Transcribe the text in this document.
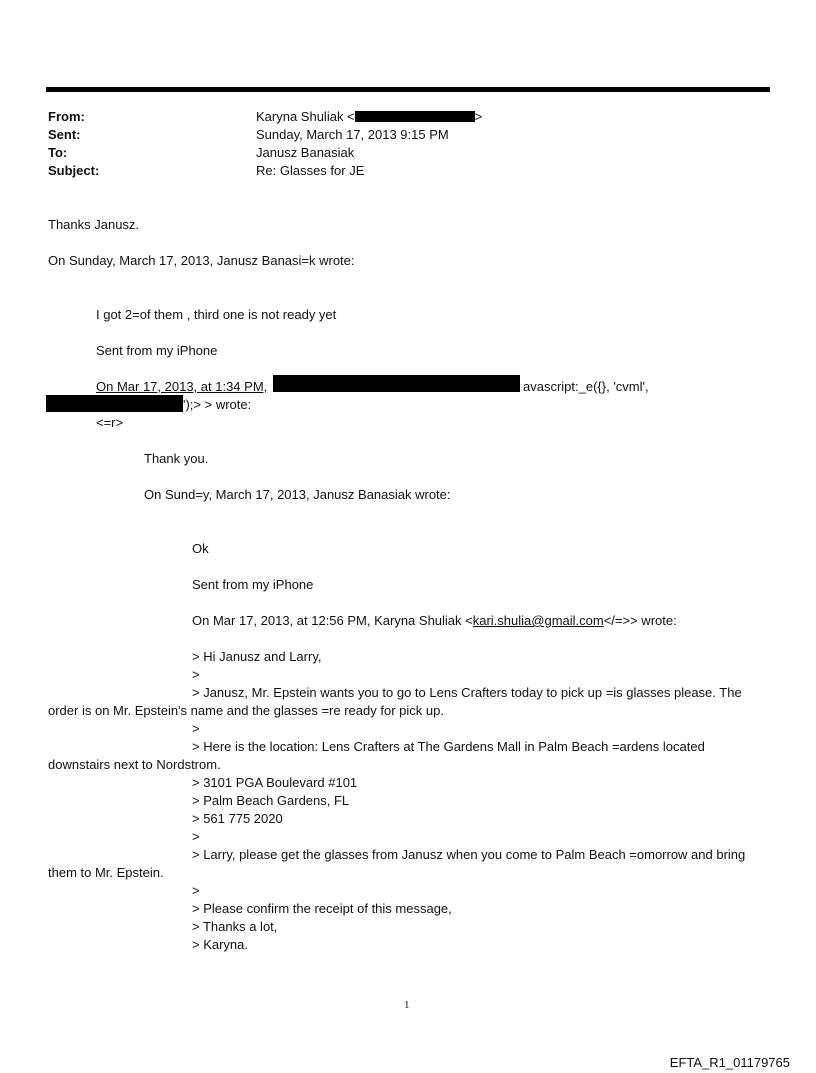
From:	Karyna Shuliak <	>
Sent:	Sunday, March 17, 2013 9:15 PM
To:	Janusz Banasiak
Subject:	Re: Glasses for JE
Thanks Janusz.
On Sunday, March 17, 2013, Janusz Banasi=k wrote:
I got 2=of them , third one is not ready yet
Sent from my iPhone
On Mar 17, 2013, at 1:34 PM,	avascript:_e({}, 'cvml',
');> > wrote:
<=r>
Thank you.
On Sund=y, March 17, 2013, Janusz Banasiak wrote:
Ok
Sent from my iPhone
On Mar 17, 2013, at 12:56 PM, Karyna Shuliak <kari.shulia@gmail.com</=>> wrote:
> Hi Janusz and Larry,
>
> Janusz, Mr. Epstein wants you to go to Lens Crafters today to pick up =is glasses please. The
order is on Mr. Epstein's name and the glasses =re ready for pick up.
>
> Here is the location: Lens Crafters at The Gardens Mall in Palm Beach =ardens located
downstairs next to Nordstrom.
> 3101 PGA Boulevard #101
> Palm Beach Gardens, FL
> 561 775 2020
>
> Larry, please get the glasses from Janusz when you come to Palm Beach =omorrow and bring
them to Mr. Epstein.
>
> Please confirm the receipt of this message,
> Thanks a lot,
> Karyna.
1
EFTA_R1_01179765
